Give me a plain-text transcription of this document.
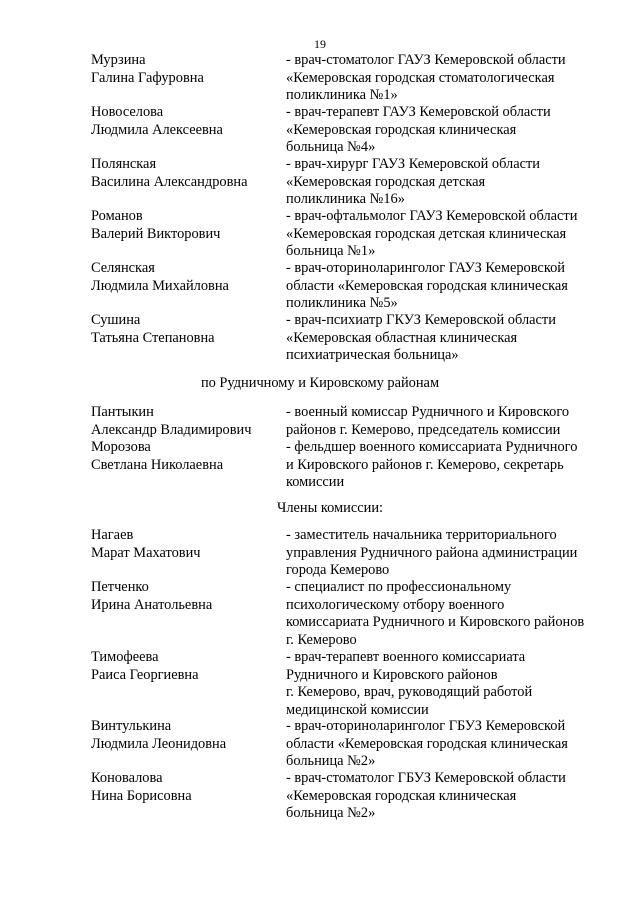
19
Мурзина
Галина Гафуровна
- врач-стоматолог ГАУЗ Кемеровской области
«Кемеровская городская стоматологическая
поликлиника №1»
Новоселова
Людмила Алексеевна
- врач-терапевт ГАУЗ Кемеровской области
«Кемеровская городская клиническая
больница №4»
Полянская
Василина Александровна
- врач-хирург ГАУЗ Кемеровской области
«Кемеровская городская детская
поликлиника №16»
Романов
Валерий Викторович
- врач-офтальмолог ГАУЗ Кемеровской области
«Кемеровская городская детская клиническая
больница №1»
Селянская
Людмила Михайловна
- врач-оториноларинголог ГАУЗ Кемеровской
области «Кемеровская городская клиническая
поликлиника №5»
Сушина
Татьяна Степановна
- врач-психиатр ГКУЗ Кемеровской области
«Кемеровская областная клиническая
психиатрическая больница»
по Рудничному и Кировскому районам
Пантыкин
Александр Владимирович
- военный комиссар Рудничного и Кировского
районов г. Кемерово, председатель комиссии
Морозова
Светлана Николаевна
- фельдшер военного комиссариата Рудничного
и Кировского районов г. Кемерово, секретарь
комиссии
Члены комиссии:
Нагаев
Марат Махатович
- заместитель начальника территориального
управления Рудничного района администрации
города Кемерово
Петченко
Ирина Анатольевна
- специалист по профессиональному
психологическому отбору военного
комиссариата Рудничного и Кировского районов
г. Кемерово
Тимофеева
Раиса Георгиевна
- врач-терапевт военного комиссариата
Рудничного и Кировского районов
г. Кемерово, врач, руководящий работой
медицинской комиссии
Винтулькина
Людмила Леонидовна
- врач-оториноларинголог ГБУЗ Кемеровской
области «Кемеровская городская клиническая
больница №2»
Коновалова
Нина Борисовна
- врач-стоматолог ГБУЗ Кемеровской области
«Кемеровская городская клиническая
больница №2»
